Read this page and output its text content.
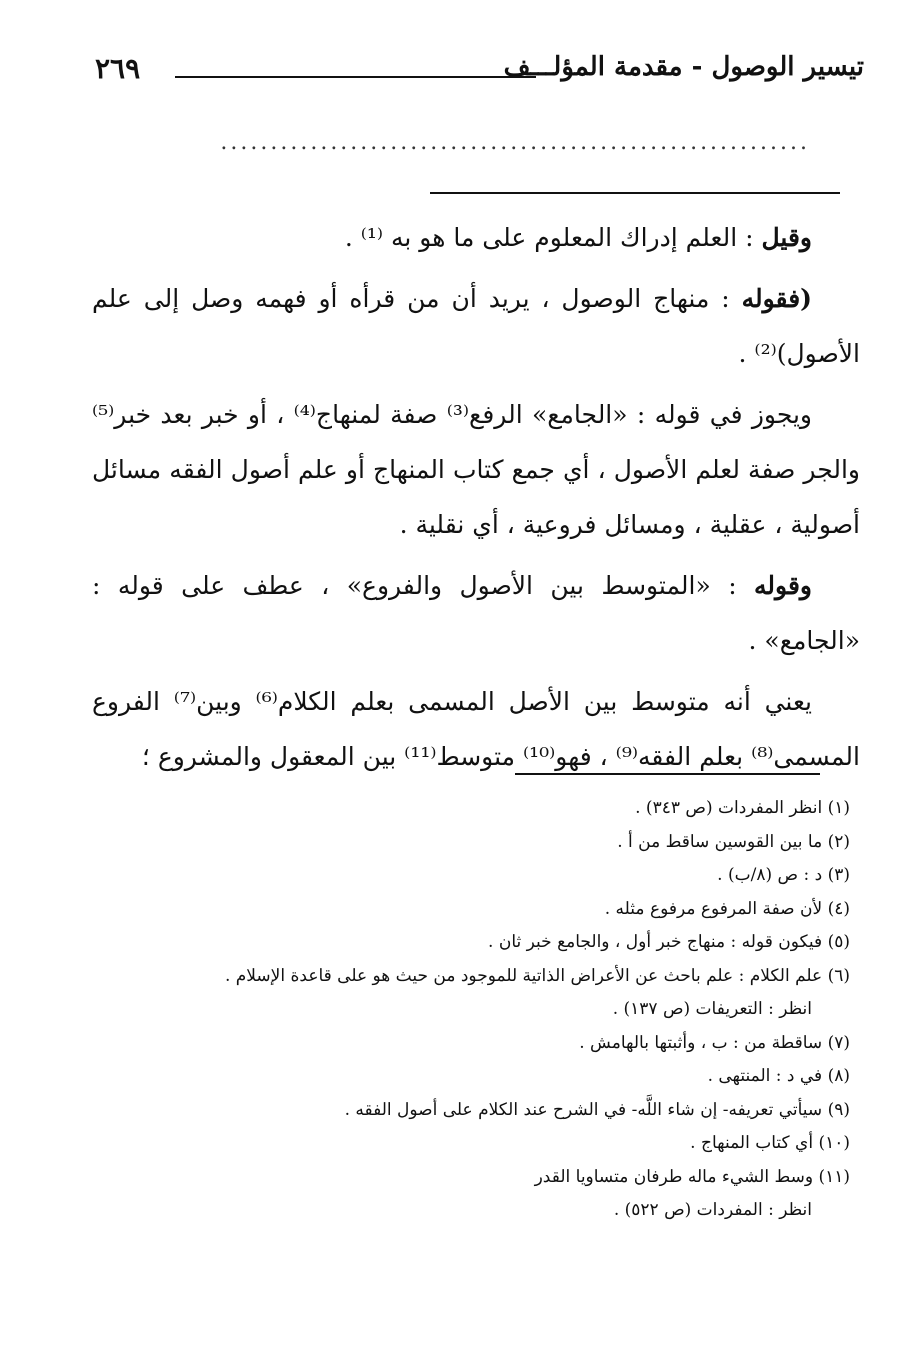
تيسير الوصول - مقدمة المؤلـــف
٢٦٩
...........................................................

وقيل : العلم إدراك المعلوم على ما هو به ⁽¹⁾ .

(فقوله : منهاج الوصول ، يريد أن من قرأه أو فهمه وصل إلى علم الأصول)⁽²⁾ .

ويجوز في قوله : «الجامع» الرفع⁽³⁾ صفة لمنهاج⁽⁴⁾ ، أو خبر بعد خبر⁽⁵⁾ والجر صفة لعلم الأصول ، أي جمع كتاب المنهاج أو علم أصول الفقه مسائل أصولية ، عقلية ، ومسائل فروعية ، أي نقلية .

وقوله : «المتوسط بين الأصول والفروع» ، عطف على قوله : «الجامع» .

يعني أنه متوسط بين الأصل المسمى بعلم الكلام⁽⁶⁾ وبين⁽⁷⁾ الفروع المسمى⁽⁸⁾ بعلم الفقه⁽⁹⁾ ، فهو⁽¹⁰⁾ متوسط⁽¹¹⁾ بين المعقول والمشروع ؛

(١) انظر المفردات (ص ٣٤٣) .
(٢) ما بين القوسين ساقط من أ .
(٣) د : ص (٨/ب) .
(٤) لأن صفة المرفوع مرفوع مثله .
(٥) فيكون قوله : منهاج خبر أول ، والجامع خبر ثان .
(٦) علم الكلام : علم باحث عن الأعراض الذاتية للموجود من حيث هو على قاعدة الإسلام .
انظر : التعريفات (ص ١٣٧) .
(٧) ساقطة من : ب ، وأثبتها بالهامش .
(٨) في د : المنتهى .
(٩) سيأتي تعريفه- إن شاء اللَّه- في الشرح عند الكلام على أصول الفقه .
(١٠) أي كتاب المنهاج .
(١١) وسط الشيء ماله طرفان متساويا القدر
انظر : المفردات (ص ٥٢٢) .
